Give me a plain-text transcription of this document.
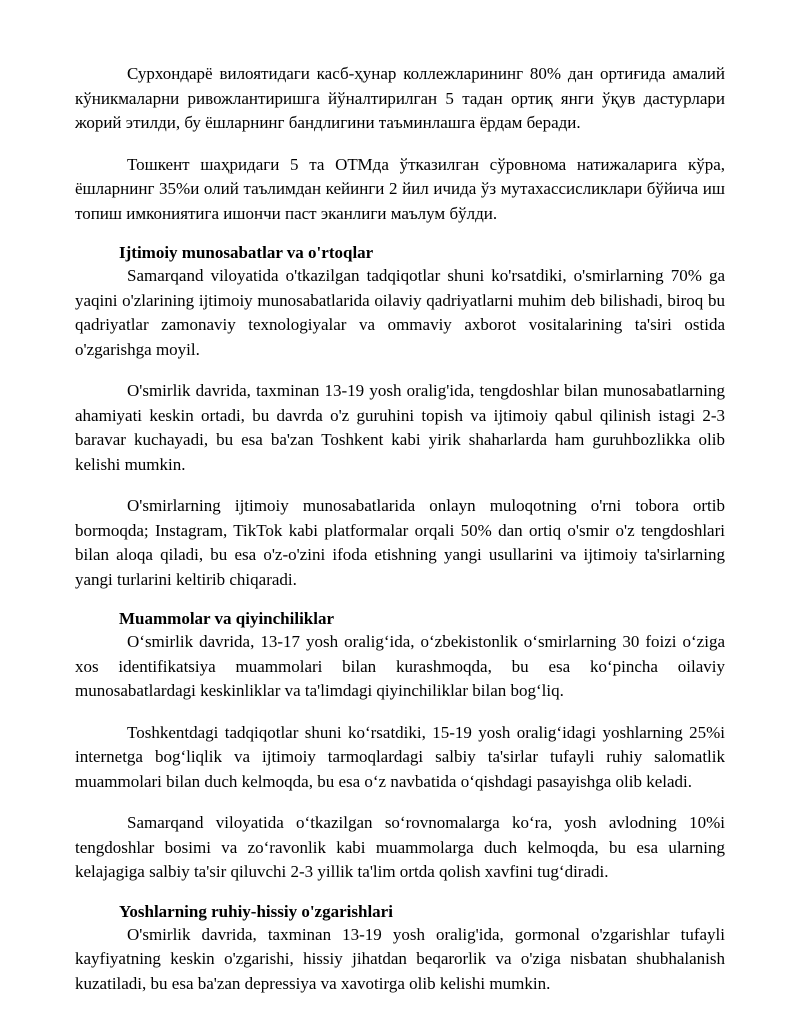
Сурхондарё вилоятидаги касб-ҳунар коллежларининг 80% дан ортиғида амалий кўникмаларни ривожлантиришга йўналтирилган 5 тадан ортиқ янги ўқув дастурлари жорий этилди, бу ёшларнинг бандлигини таъминлашга ёрдам беради.

Тошкент шаҳридаги 5 та ОТМда ўтказилган сўровнома натижаларига кўра, ёшларнинг 35%и олий таълимдан кейинги 2 йил ичида ўз мутахассисликлари бўйича иш топиш имкониятига ишончи паст эканлиги маълум бўлди.

Ijtimoiy munosabatlar va o'rtoqlar

Samarqand viloyatida o'tkazilgan tadqiqotlar shuni ko'rsatdiki, o'smirlarning 70% ga yaqini o'zlarining ijtimoiy munosabatlarida oilaviy qadriyatlarni muhim deb bilishadi, biroq bu qadriyatlar zamonaviy texnologiyalar va ommaviy axborot vositalarining ta'siri ostida o'zgarishga moyil.

O'smirlik davrida, taxminan 13-19 yosh oralig'ida, tengdoshlar bilan munosabatlarning ahamiyati keskin ortadi, bu davrda o'z guruhini topish va ijtimoiy qabul qilinish istagi 2-3 baravar kuchayadi, bu esa ba'zan Toshkent kabi yirik shaharlarda ham guruhbozlikka olib kelishi mumkin.

O'smirlarning ijtimoiy munosabatlarida onlayn muloqotning o'rni tobora ortib bormoqda; Instagram, TikTok kabi platformalar orqali 50% dan ortiq o'smir o'z tengdoshlari bilan aloqa qiladi, bu esa o'z-o'zini ifoda etishning yangi usullarini va ijtimoiy ta'sirlarning yangi turlarini keltirib chiqaradi.

Muammolar va qiyinchiliklar

O‘smirlik davrida, 13-17 yosh oralig‘ida, o‘zbekistonlik o‘smirlarning 30 foizi o‘ziga xos identifikatsiya muammolari bilan kurashmoqda, bu esa ko‘pincha oilaviy munosabatlardagi keskinliklar va ta'limdagi qiyinchiliklar bilan bog‘liq.

Toshkentdagi tadqiqotlar shuni ko‘rsatdiki, 15-19 yosh oralig‘idagi yoshlarning 25%i internetga bog‘liqlik va ijtimoiy tarmoqlardagi salbiy ta'sirlar tufayli ruhiy salomatlik muammolari bilan duch kelmoqda, bu esa o‘z navbatida o‘qishdagi pasayishga olib keladi.

Samarqand viloyatida o‘tkazilgan so‘rovnomalarga ko‘ra, yosh avlodning 10%i tengdoshlar bosimi va zo‘ravonlik kabi muammolarga duch kelmoqda, bu esa ularning kelajagiga salbiy ta'sir qiluvchi 2-3 yillik ta'lim ortda qolish xavfini tug‘diradi.

Yoshlarning ruhiy-hissiy o'zgarishlari

O'smirlik davrida, taxminan 13-19 yosh oralig'ida, gormonal o'zgarishlar tufayli kayfiyatning keskin o'zgarishi, hissiy jihatdan beqarorlik va o'ziga nisbatan shubhalanish kuzatiladi, bu esa ba'zan depressiya va xavotirga olib kelishi mumkin.
